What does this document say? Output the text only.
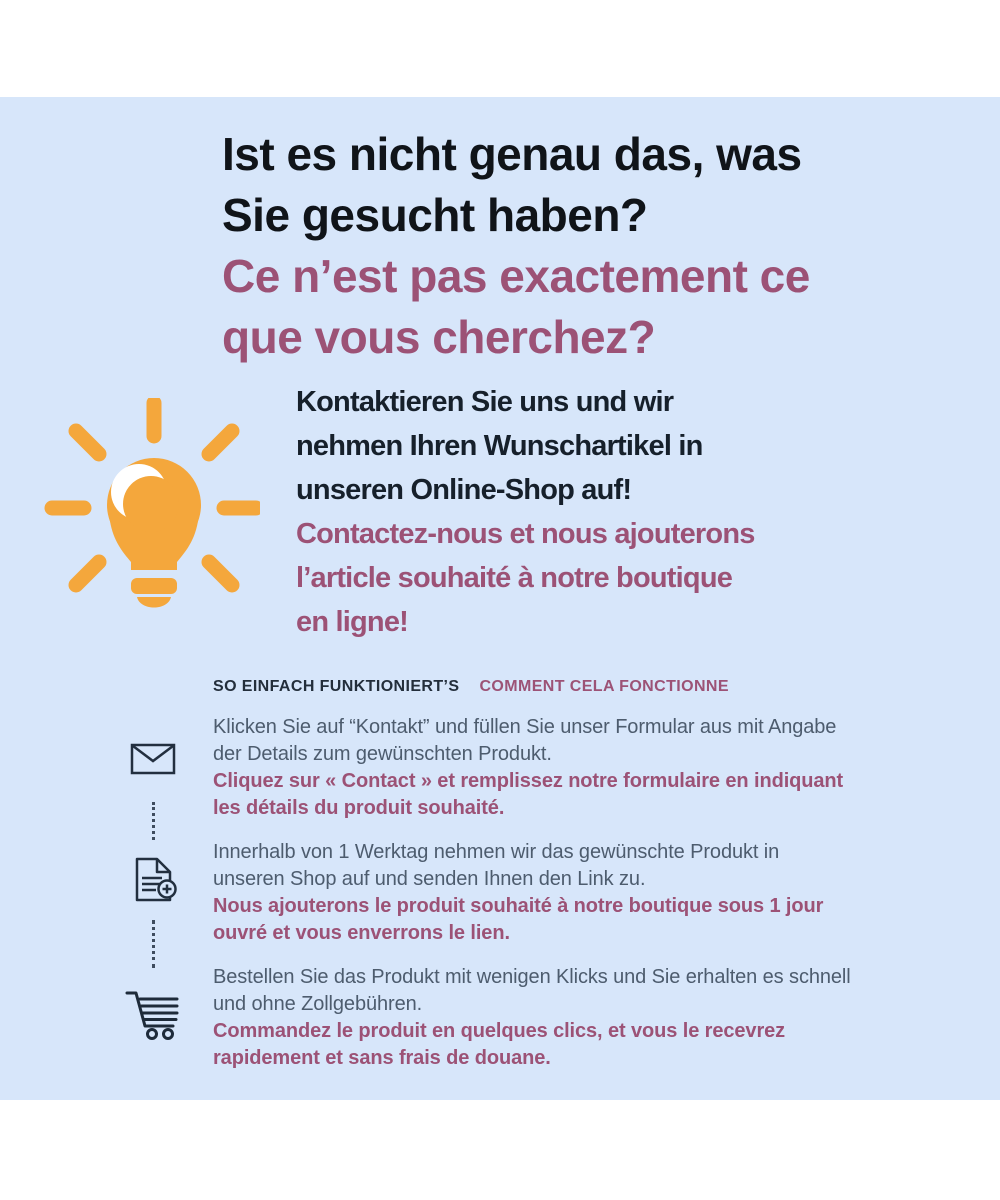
Ist es nicht genau das, was
Sie gesucht haben?
Ce n’est pas exactement ce
que vous cherchez?
Kontaktieren Sie uns und wir
nehmen Ihren Wunschartikel in
unseren Online-Shop auf!
Contactez-nous et nous ajouterons
l’article souhaité à notre boutique
en ligne!
SO EINFACH FUNKTIONIERT’S COMMENT CELA FONCTIONNE
Klicken Sie auf “Kontakt” und füllen Sie unser Formular aus mit Angabe
der Details zum gewünschten Produkt.
Cliquez sur « Contact » et remplissez notre formulaire en indiquant
les détails du produit souhaité.
Innerhalb von 1 Werktag nehmen wir das gewünschte Produkt in
unseren Shop auf und senden Ihnen den Link zu.
Nous ajouterons le produit souhaité à notre boutique sous 1 jour
ouvré et vous enverrons le lien.
Bestellen Sie das Produkt mit wenigen Klicks und Sie erhalten es schnell
und ohne Zollgebühren.
Commandez le produit en quelques clics, et vous le recevrez
rapidement et sans frais de douane.
